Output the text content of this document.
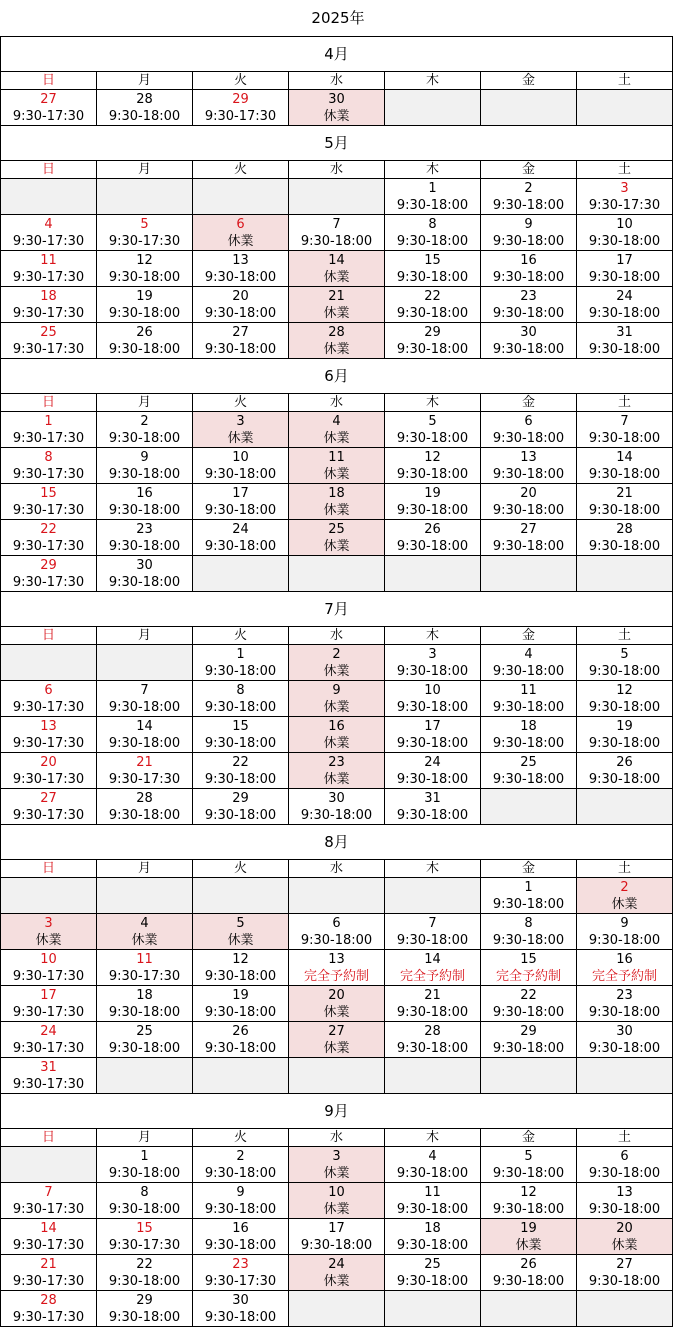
2025年
4月						
日	月	火	水	木	金	土

27
9:30-17:30	28
9:30-18:00	29
9:30-17:30	30
休業			

5月						
日	月	火	水	木	金	土

				1
9:30-18:00	2
9:30-18:00	3
9:30-17:30

4
9:30-17:30	5
9:30-17:30	6
休業	7
9:30-18:00	8
9:30-18:00	9
9:30-18:00	10
9:30-18:00

11
9:30-17:30	12
9:30-18:00	13
9:30-18:00	14
休業	15
9:30-18:00	16
9:30-18:00	17
9:30-18:00

18
9:30-17:30	19
9:30-18:00	20
9:30-18:00	21
休業	22
9:30-18:00	23
9:30-18:00	24
9:30-18:00

25
9:30-17:30	26
9:30-18:00	27
9:30-18:00	28
休業	29
9:30-18:00	30
9:30-18:00	31
9:30-18:00

6月						
日	月	火	水	木	金	土

1
9:30-17:30	2
9:30-18:00	3
休業	4
休業	5
9:30-18:00	6
9:30-18:00	7
9:30-18:00

8
9:30-17:30	9
9:30-18:00	10
9:30-18:00	11
休業	12
9:30-18:00	13
9:30-18:00	14
9:30-18:00

15
9:30-17:30	16
9:30-18:00	17
9:30-18:00	18
休業	19
9:30-18:00	20
9:30-18:00	21
9:30-18:00

22
9:30-17:30	23
9:30-18:00	24
9:30-18:00	25
休業	26
9:30-18:00	27
9:30-18:00	28
9:30-18:00

29
9:30-17:30	30
9:30-18:00					

7月						
日	月	火	水	木	金	土

		1
9:30-18:00	2
休業	3
9:30-18:00	4
9:30-18:00	5
9:30-18:00

6
9:30-17:30	7
9:30-18:00	8
9:30-18:00	9
休業	10
9:30-18:00	11
9:30-18:00	12
9:30-18:00

13
9:30-17:30	14
9:30-18:00	15
9:30-18:00	16
休業	17
9:30-18:00	18
9:30-18:00	19
9:30-18:00

20
9:30-17:30	21
9:30-17:30	22
9:30-18:00	23
休業	24
9:30-18:00	25
9:30-18:00	26
9:30-18:00

27
9:30-17:30	28
9:30-18:00	29
9:30-18:00	30
9:30-18:00	31
9:30-18:00		

8月						
日	月	火	水	木	金	土

					1
9:30-18:00	2
休業

3
休業	4
休業	5
休業	6
9:30-18:00	7
9:30-18:00	8
9:30-18:00	9
9:30-18:00

10
9:30-17:30	11
9:30-17:30	12
9:30-18:00	13
完全予約制	14
完全予約制	15
完全予約制	16
完全予約制

17
9:30-17:30	18
9:30-18:00	19
9:30-18:00	20
休業	21
9:30-18:00	22
9:30-18:00	23
9:30-18:00

24
9:30-17:30	25
9:30-18:00	26
9:30-18:00	27
休業	28
9:30-18:00	29
9:30-18:00	30
9:30-18:00

31
9:30-17:30						

9月						
日	月	火	水	木	金	土

	1
9:30-18:00	2
9:30-18:00	3
休業	4
9:30-18:00	5
9:30-18:00	6
9:30-18:00

7
9:30-17:30	8
9:30-18:00	9
9:30-18:00	10
休業	11
9:30-18:00	12
9:30-18:00	13
9:30-18:00

14
9:30-17:30	15
9:30-17:30	16
9:30-18:00	17
9:30-18:00	18
9:30-18:00	19
休業	20
休業

21
9:30-17:30	22
9:30-18:00	23
9:30-17:30	24
休業	25
9:30-18:00	26
9:30-18:00	27
9:30-18:00

28
9:30-17:30	29
9:30-18:00	30
9:30-18:00				
